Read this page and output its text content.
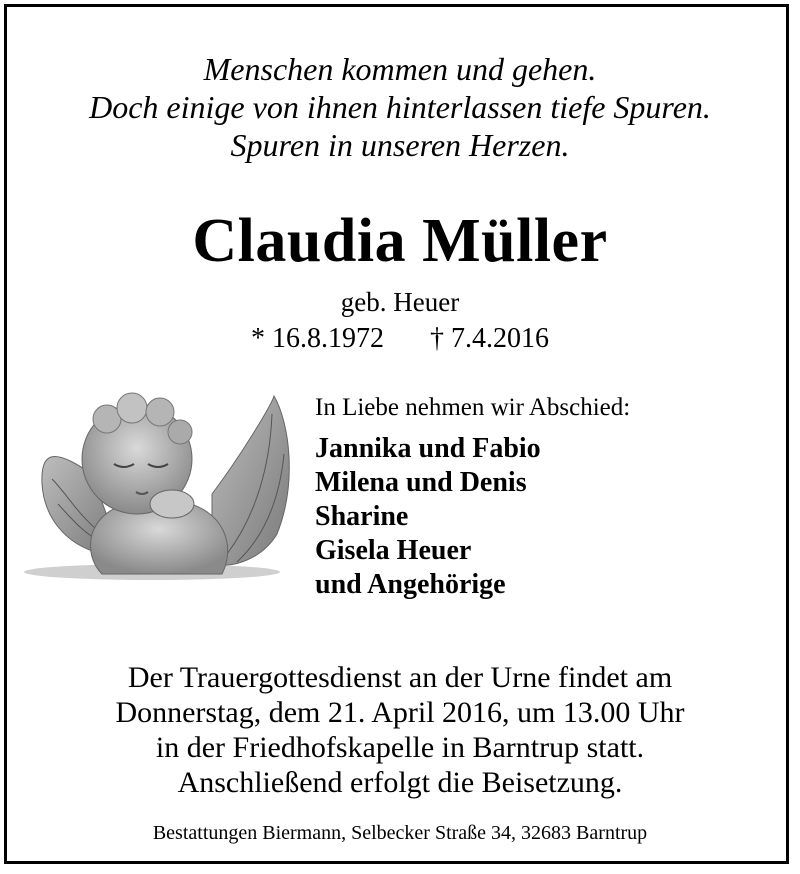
Menschen kommen und gehen.
Doch einige von ihnen hinterlassen tiefe Spuren.
Spuren in unseren Herzen.
Claudia Müller
geb. Heuer
* 16.8.1972 † 7.4.2016
In Liebe nehmen wir Abschied:
Jannika und Fabio
Milena und Denis
Sharine
Gisela Heuer
und Angehörige
Der Trauergottesdienst an der Urne findet am
Donnerstag, dem 21. April 2016, um 13.00 Uhr
in der Friedhofskapelle in Barntrup statt.
Anschließend erfolgt die Beisetzung.
Bestattungen Biermann, Selbecker Straße 34, 32683 Barntrup
